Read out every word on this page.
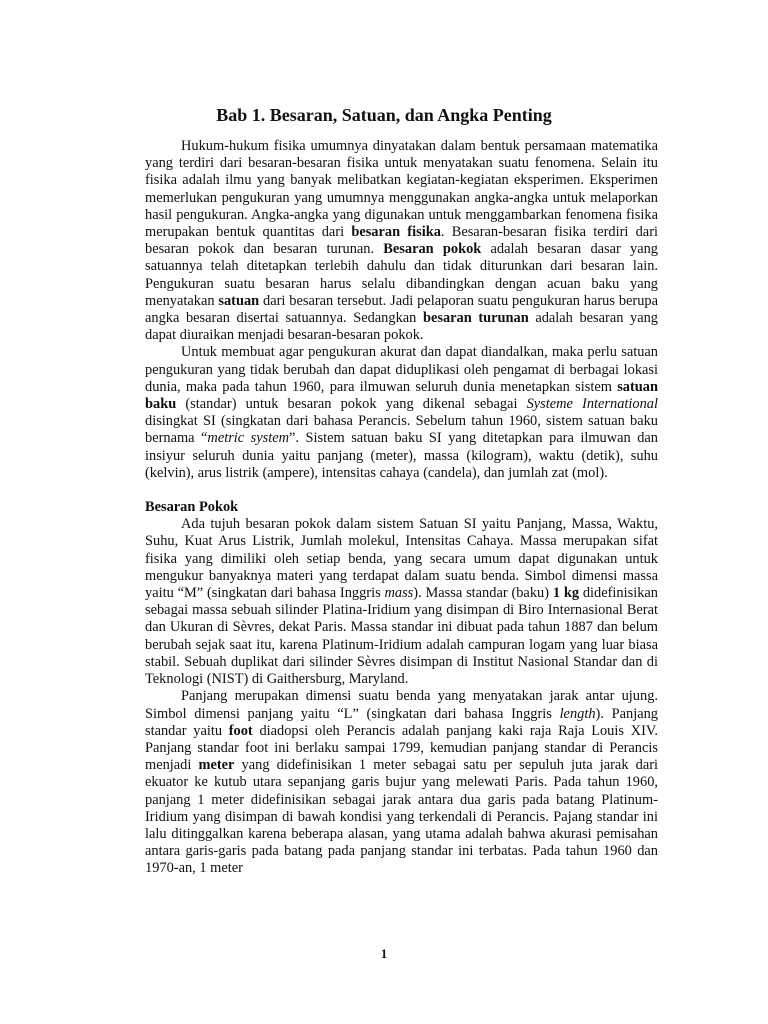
Bab 1. Besaran, Satuan, dan Angka Penting

Hukum-hukum fisika umumnya dinyatakan dalam bentuk persamaan matematika yang terdiri dari besaran-besaran fisika untuk menyatakan suatu fenomena. Selain itu fisika adalah ilmu yang banyak melibatkan kegiatan-kegiatan eksperimen. Eksperimen memerlukan pengukuran yang umumnya menggunakan angka-angka untuk melaporkan hasil pengukuran. Angka-angka yang digunakan untuk menggambarkan fenomena fisika merupakan bentuk quantitas dari besaran fisika. Besaran-besaran fisika terdiri dari besaran pokok dan besaran turunan. Besaran pokok adalah besaran dasar yang satuannya telah ditetapkan terlebih dahulu dan tidak diturunkan dari besaran lain. Pengukuran suatu besaran harus selalu dibandingkan dengan acuan baku yang menyatakan satuan dari besaran tersebut. Jadi pelaporan suatu pengukuran harus berupa angka besaran disertai satuannya. Sedangkan besaran turunan adalah besaran yang dapat diuraikan menjadi besaran-besaran pokok.

Untuk membuat agar pengukuran akurat dan dapat diandalkan, maka perlu satuan pengukuran yang tidak berubah dan dapat diduplikasi oleh pengamat di berbagai lokasi dunia, maka pada tahun 1960, para ilmuwan seluruh dunia menetapkan sistem satuan baku (standar) untuk besaran pokok yang dikenal sebagai Systeme International disingkat SI (singkatan dari bahasa Perancis. Sebelum tahun 1960, sistem satuan baku bernama “metric system”. Sistem satuan baku SI yang ditetapkan para ilmuwan dan insiyur seluruh dunia yaitu panjang (meter), massa (kilogram), waktu (detik), suhu (kelvin), arus listrik (ampere), intensitas cahaya (candela), dan jumlah zat (mol).

Besaran Pokok

Ada tujuh besaran pokok dalam sistem Satuan SI yaitu Panjang, Massa, Waktu, Suhu, Kuat Arus Listrik, Jumlah molekul, Intensitas Cahaya. Massa merupakan sifat fisika yang dimiliki oleh setiap benda, yang secara umum dapat digunakan untuk mengukur banyaknya materi yang terdapat dalam suatu benda. Simbol dimensi massa yaitu “M” (singkatan dari bahasa Inggris mass). Massa standar (baku) 1 kg didefinisikan sebagai massa sebuah silinder Platina-Iridium yang disimpan di Biro Internasional Berat dan Ukuran di Sèvres, dekat Paris. Massa standar ini dibuat pada tahun 1887 dan belum berubah sejak saat itu, karena Platinum-Iridium adalah campuran logam yang luar biasa stabil. Sebuah duplikat dari silinder Sèvres disimpan di Institut Nasional Standar dan di Teknologi (NIST) di Gaithersburg, Maryland.

Panjang merupakan dimensi suatu benda yang menyatakan jarak antar ujung. Simbol dimensi panjang yaitu “L” (singkatan dari bahasa Inggris length). Panjang standar yaitu foot diadopsi oleh Perancis adalah panjang kaki raja Raja Louis XIV. Panjang standar foot ini berlaku sampai 1799, kemudian panjang standar di Perancis menjadi meter yang didefinisikan 1 meter sebagai satu per sepuluh juta jarak dari ekuator ke kutub utara sepanjang garis bujur yang melewati Paris. Pada tahun 1960, panjang 1 meter didefinisikan sebagai jarak antara dua garis pada batang Platinum-Iridium yang disimpan di bawah kondisi yang terkendali di Perancis. Pajang standar ini lalu ditinggalkan karena beberapa alasan, yang utama adalah bahwa akurasi pemisahan antara garis-garis pada batang pada panjang standar ini terbatas. Pada tahun 1960 dan 1970-an, 1 meter

1
